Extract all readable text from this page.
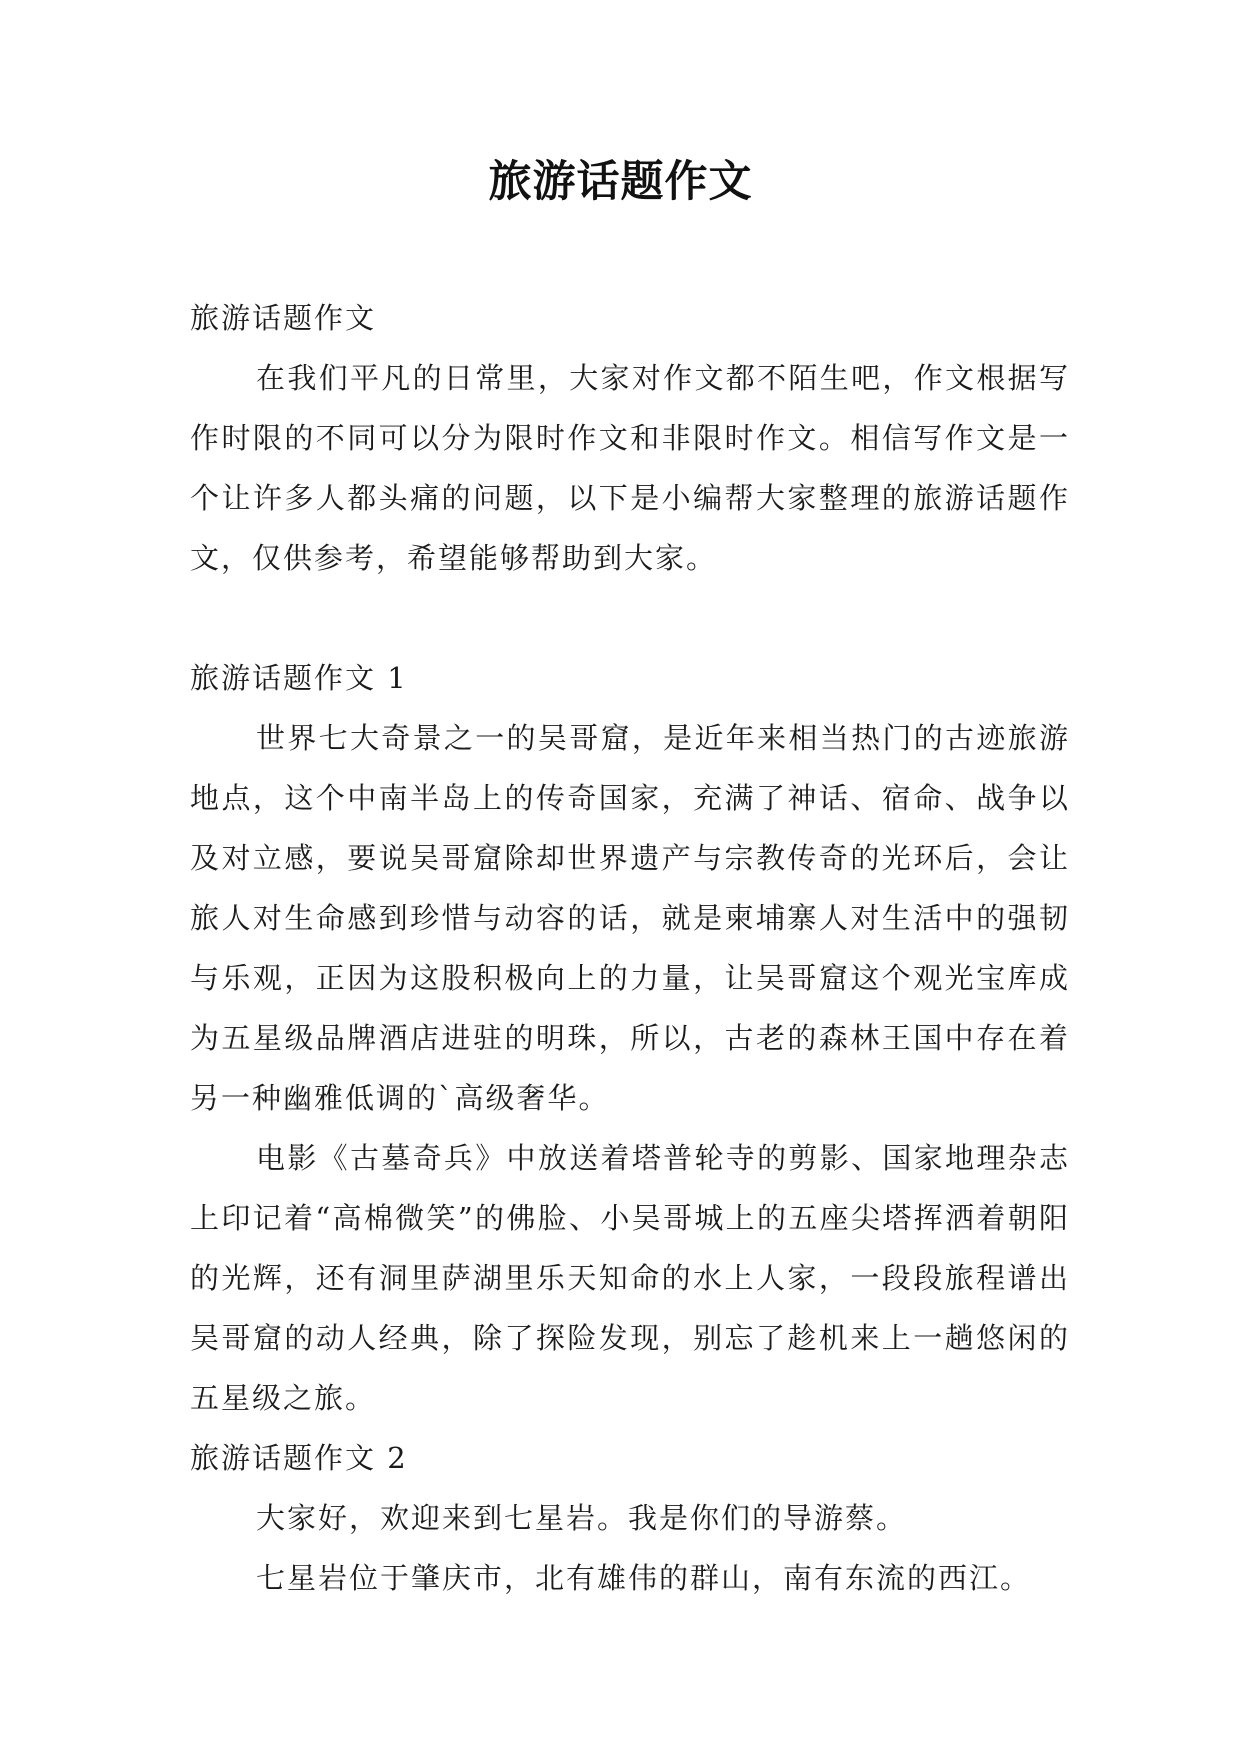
旅游话题作文

旅游话题作文

在我们平凡的日常里，大家对作文都不陌生吧，作文根据写作时限的不同可以分为限时作文和非限时作文。相信写作文是一个让许多人都头痛的问题，以下是小编帮大家整理的旅游话题作文，仅供参考，希望能够帮助到大家。

旅游话题作文 1

世界七大奇景之一的吴哥窟，是近年来相当热门的古迹旅游地点，这个中南半岛上的传奇国家，充满了神话、宿命、战争以及对立感，要说吴哥窟除却世界遗产与宗教传奇的光环后，会让旅人对生命感到珍惜与动容的话，就是柬埔寨人对生活中的强韧与乐观，正因为这股积极向上的力量，让吴哥窟这个观光宝库成为五星级品牌酒店进驻的明珠，所以，古老的森林王国中存在着另一种幽雅低调的`高级奢华。

电影《古墓奇兵》中放送着塔普轮寺的剪影、国家地理杂志上印记着“高棉微笑”的佛脸、小吴哥城上的五座尖塔挥洒着朝阳的光辉，还有洞里萨湖里乐天知命的水上人家，一段段旅程谱出吴哥窟的动人经典，除了探险发现，别忘了趁机来上一趟悠闲的五星级之旅。

旅游话题作文 2

大家好，欢迎来到七星岩。我是你们的导游蔡。

七星岩位于肇庆市，北有雄伟的群山，南有东流的西江。
